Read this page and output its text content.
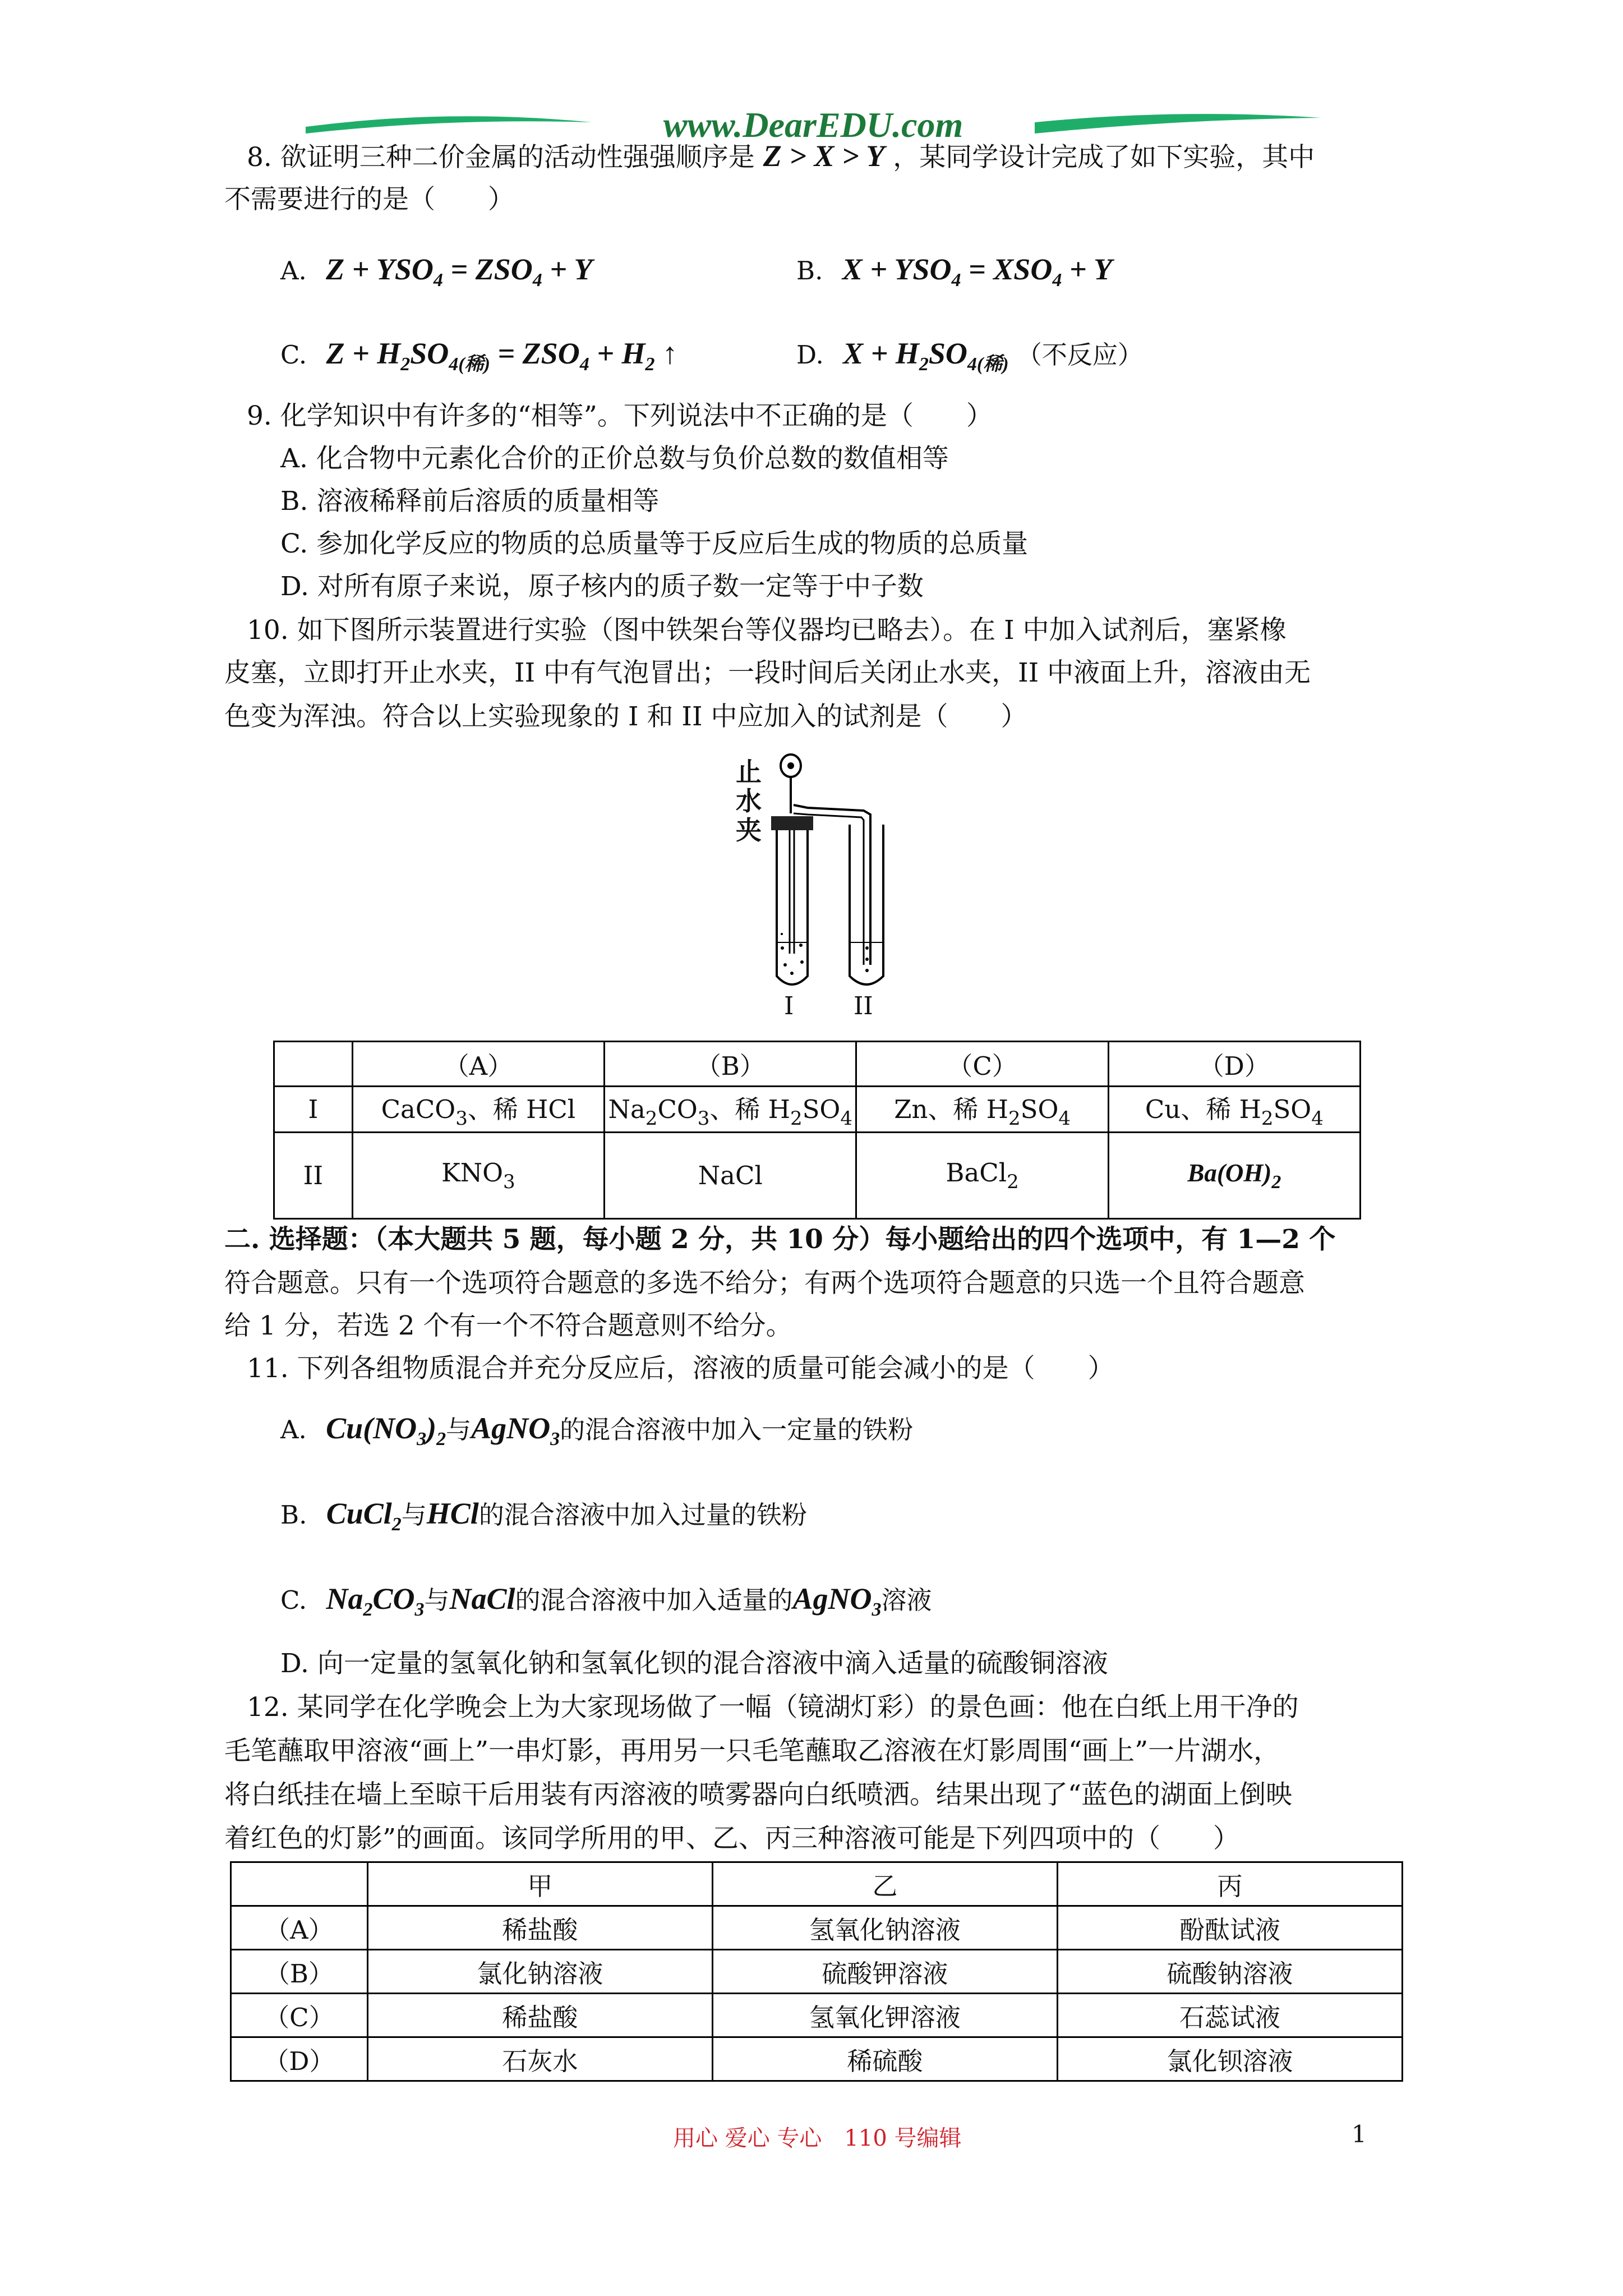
www.DearEDU.com
8. 欲证明三种二价金属的活动性强强顺序是 Z > X > Y ，某同学设计完成了如下实验，其中
不需要进行的是（　　）
A. $Z + YSO_4 = ZSO_4 + Y$	B. $X + YSO_4 = XSO_4 + Y$
C. $Z + H_2SO_{4(稀)} = ZSO_4 + H_2$ ↑	D. $X + H_2SO_{4(稀)}$ （不反应）
9. 化学知识中有许多的“相等”。下列说法中不正确的是（　　）
A. 化合物中元素化合价的正价总数与负价总数的数值相等
B. 溶液稀释前后溶质的质量相等
C. 参加化学反应的物质的总质量等于反应后生成的物质的总质量
D. 对所有原子来说，原子核内的质子数一定等于中子数
10. 如下图所示装置进行实验（图中铁架台等仪器均已略去）。在 I 中加入试剂后，塞紧橡
皮塞，立即打开止水夹，II 中有气泡冒出；一段时间后关闭止水夹，II 中液面上升，溶液由无
色变为浑浊。符合以上实验现象的 I 和 II 中应加入的试剂是（　　）
止
水
夹
I II
	（A）	（B）	（C）	（D）
I	CaCO$_3$、稀 HCl	$Na_2CO_3$、稀 $H_2SO_4$	Zn、稀 $H_2SO_4$	Cu、稀 $H_2SO_4$
II	$KNO_3$	NaCl	BaCl$_2$	$Ba(OH)_2$
二. 选择题：（本大题共 5 题，每小题 2 分，共 10 分）每小题给出的四个选项中，有 1—2 个
符合题意。只有一个选项符合题意的多选不给分；有两个选项符合题意的只选一个且符合题意
给 1 分，若选 2 个有一个不符合题意则不给分。
11. 下列各组物质混合并充分反应后，溶液的质量可能会减小的是（　　）
A. $Cu(NO_3)_2$与AgNO$_3$的混合溶液中加入一定量的铁粉
B. CuCl$_2$与HCl的混合溶液中加入过量的铁粉
C. $Na_2CO_3$与NaCl的混合溶液中加入适量的AgNO$_3$溶液
D. 向一定量的氢氧化钠和氢氧化钡的混合溶液中滴入适量的硫酸铜溶液
12. 某同学在化学晚会上为大家现场做了一幅（镜湖灯彩）的景色画：他在白纸上用干净的
毛笔蘸取甲溶液“画上”一串灯影，再用另一只毛笔蘸取乙溶液在灯影周围“画上”一片湖水，
将白纸挂在墙上至晾干后用装有丙溶液的喷雾器向白纸喷洒。结果出现了“蓝色的湖面上倒映
着红色的灯影”的画面。该同学所用的甲、乙、丙三种溶液可能是下列四项中的（　　）
	甲	乙	丙
（A）	稀盐酸	氢氧化钠溶液	酚酞试液
（B）	氯化钠溶液	硫酸钾溶液	硫酸钠溶液
（C）	稀盐酸	氢氧化钾溶液	石蕊试液
（D）	石灰水	稀硫酸	氯化钡溶液
用心 爱心 专心　110 号编辑	1
